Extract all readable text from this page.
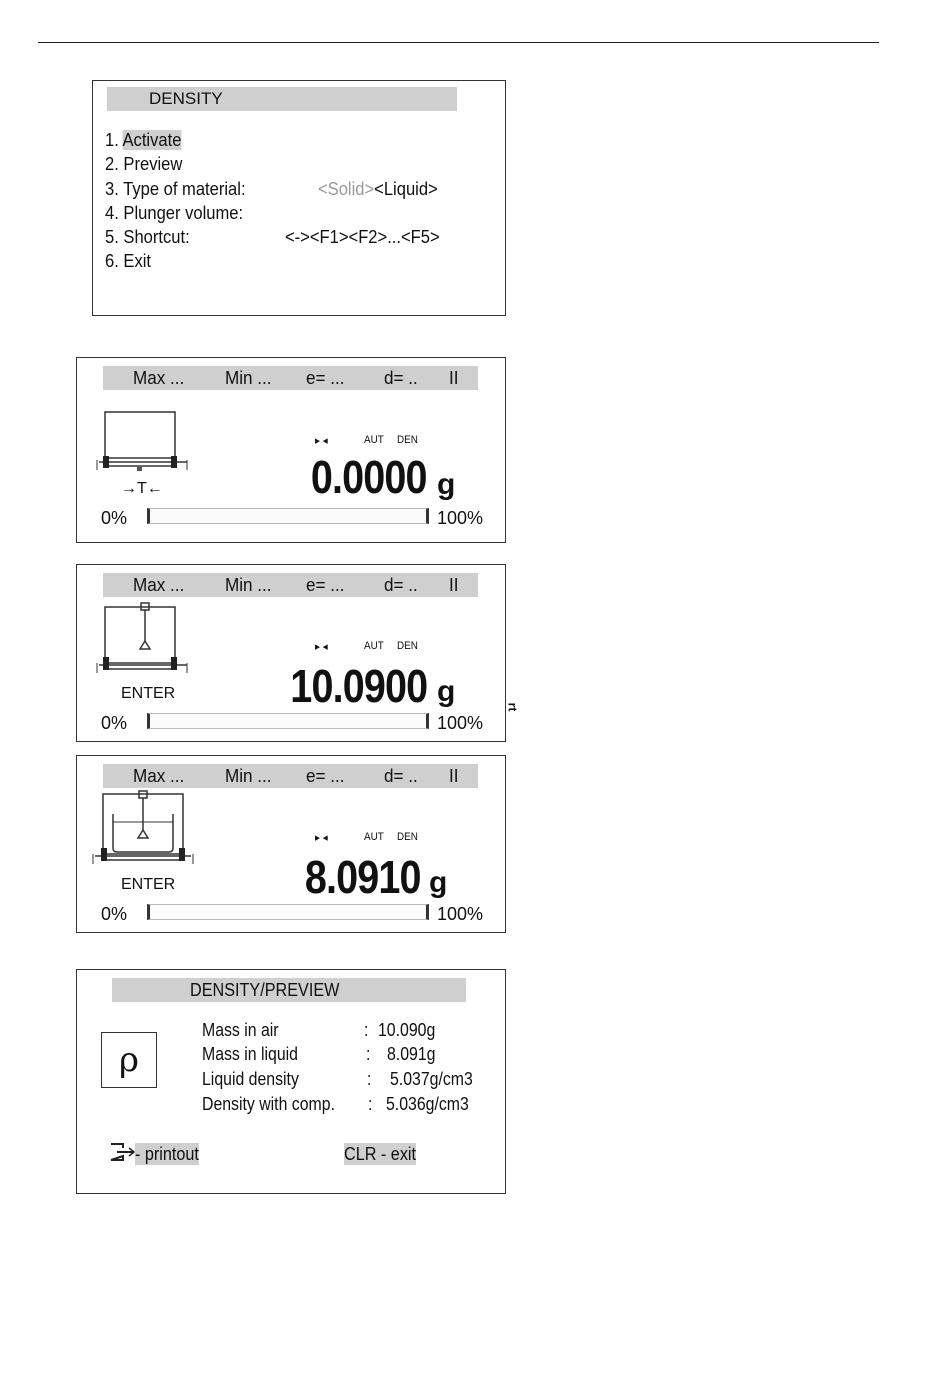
DENSITY
1. Activate
2. Preview
3. Type of material:	<Solid><Liquid>
4. Plunger volume:
5. Shortcut:	<-><F1><F2>...<F5>
6. Exit
Max ... Min ... e= ... d= .. II
→T←
▸ ◂	AUT DEN
0.0000 g
0%	100%
Max ... Min ... e= ... d= .. II
ENTER
▸ ◂	AUT DEN
10.0900 g
0%	100%
rt
Max ... Min ... e= ... d= .. II
ENTER
▸ ◂	AUT DEN
8.0910 g
0%	100%
DENSITY/PREVIEW
ρ
Mass in air	: 10.090g
Mass in liquid	: 8.091g
Liquid density	: 5.037g/cm3
Density with comp. : 5.036g/cm3
- printout	CLR - exit
